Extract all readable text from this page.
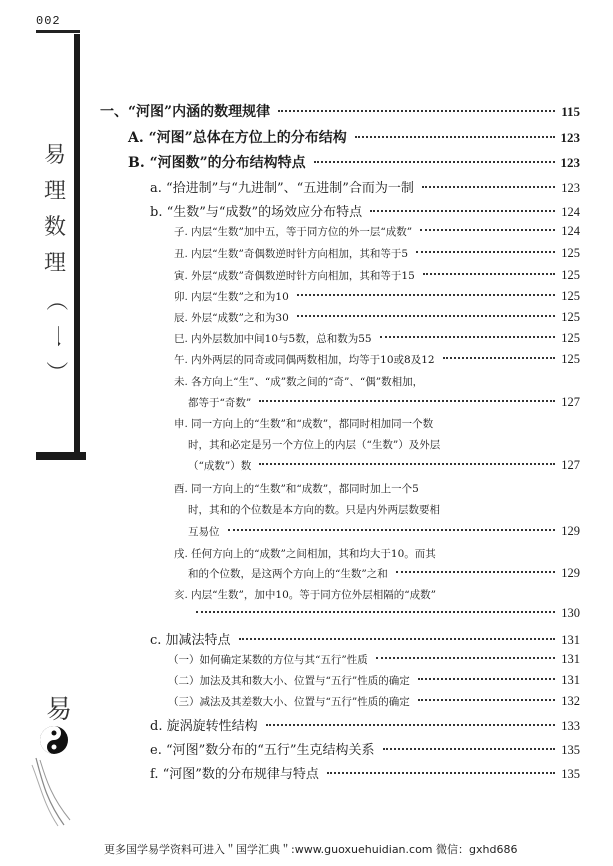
002
易
理
数
理
（
一
）
易
一、“河图”内涵的数理规律	115
A. “河图”总体在方位上的分布结构	123
B. “河图数”的分布结构特点	123
a. “拾进制”与“九进制”、“五进制”合而为一制	123
b. “生数”与“成数”的场效应分布特点	124
子. 内层“生数”加中五，等于同方位的外一层“成数”	124
丑. 内层“生数”奇偶数逆时针方向相加，其和等于5	125
寅. 外层“成数”奇偶数逆时针方向相加，其和等于15	125
卯. 内层“生数”之和为10	125
辰. 外层“成数”之和为30	125
巳. 内外层数加中间10与5数，总和数为55	125
午. 内外两层的同奇或同偶两数相加，均等于10或8及12	125
未. 各方向上“生”、“成”数之间的“奇”、“偶”数相加，
都等于“奇数”	127
申. 同一方向上的“生数”和“成数”，都同时相加同一个数
时，其和必定是另一个方位上的内层（“生数”）及外层
（“成数”）数	127
酉. 同一方向上的“生数”和“成数”，都同时加上一个5
时，其和的个位数是本方向的数。只是内外两层数要相
互易位	129
戌. 任何方向上的“成数”之间相加，其和均大于10。而其
和的个位数，是这两个方向上的“生数”之和	129
亥. 内层“生数”，加中10。等于同方位外层相隔的“成数”
130
c. 加减法特点	131
（一）如何确定某数的方位与其“五行”性质	131
（二）加法及其和数大小、位置与“五行”性质的确定	131
（三）减法及其差数大小、位置与“五行”性质的确定	132
d. 旋涡旋转性结构	133
e. “河图”数分布的“五行”生克结构关系	135
f. “河图”数的分布规律与特点	135
更多国学易学资料可进入＂国学汇典＂:www.guoxuehuidian.com 微信：gxhd686
